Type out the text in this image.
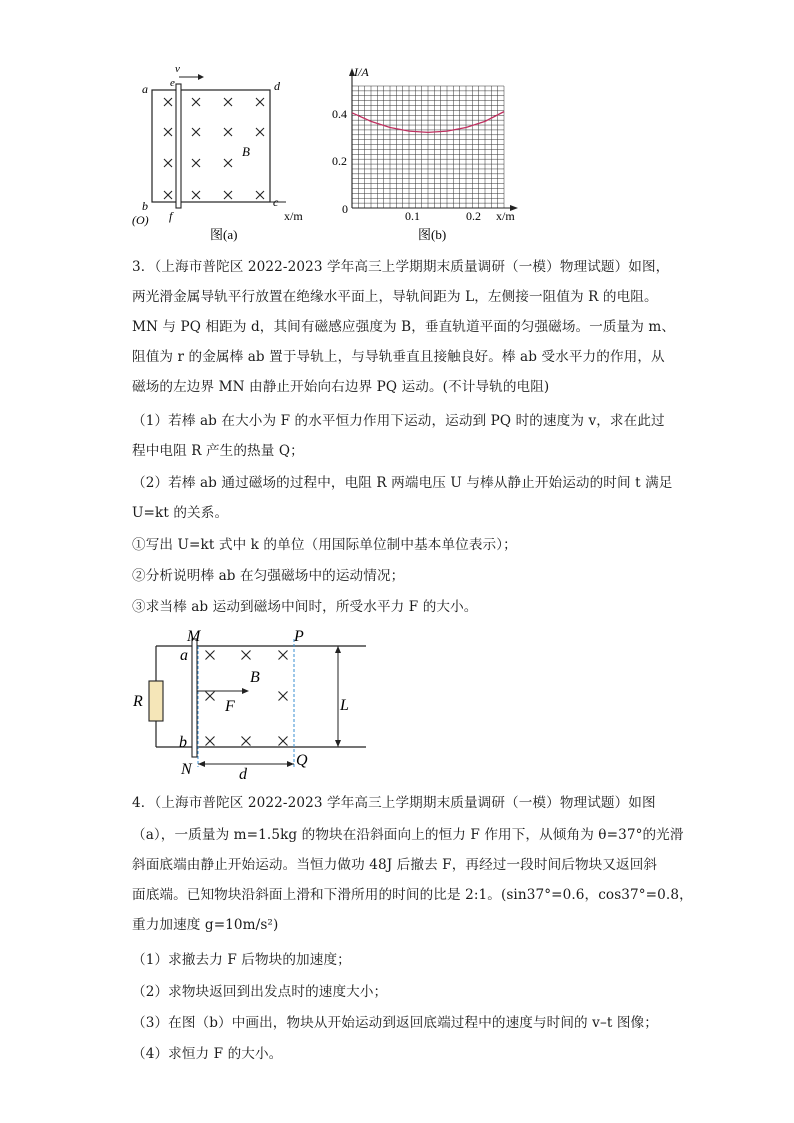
a e
v
d
B
b
(O) f
c
x/m
图(a)
I/A
x/m
0.4
0.2
0	0.1	0.2
图(b)
3．（上海市普陀区 2022-2023 学年高三上学期期末质量调研（一模）物理试题）如图，
两光滑金属导轨平行放置在绝缘水平面上，导轨间距为 L，左侧接一阻值为 R 的电阻。
MN 与 PQ 相距为 d，其间有磁感应强度为 B，垂直轨道平面的匀强磁场。一质量为 m、
阻值为 r 的金属棒 ab 置于导轨上，与导轨垂直且接触良好。棒 ab 受水平力的作用，从
磁场的左边界 MN 由静止开始向右边界 PQ 运动。(不计导轨的电阻)
（1）若棒 ab 在大小为 F 的水平恒力作用下运动，运动到 PQ 时的速度为 v，求在此过
程中电阻 R 产生的热量 Q；
（2）若棒 ab 通过磁场的过程中，电阻 R 两端电压 U 与棒从静止开始运动的时间 t 满足
U=kt 的关系。
①写出 U=kt 式中 k 的单位（用国际单位制中基本单位表示）；
②分析说明棒 ab 在匀强磁场中的运动情况；
③求当棒 ab 运动到磁场中间时，所受水平力 F 的大小。
M	P
a
B
R	F	L
b
N
Q
d
4．（上海市普陀区 2022-2023 学年高三上学期期末质量调研（一模）物理试题）如图
（a），一质量为 m=1.5kg 的物块在沿斜面向上的恒力 F 作用下，从倾角为 θ=37°的光滑
斜面底端由静止开始运动。当恒力做功 48J 后撤去 F，再经过一段时间后物块又返回斜
面底端。已知物块沿斜面上滑和下滑所用的时间的比是 2:1。(sin37°=0.6，cos37°=0.8，
重力加速度 g=10m/s²)
（1）求撤去力 F 后物块的加速度；
（2）求物块返回到出发点时的速度大小；
（3）在图（b）中画出，物块从开始运动到返回底端过程中的速度与时间的 v–t 图像；
（4）求恒力 F 的大小。
